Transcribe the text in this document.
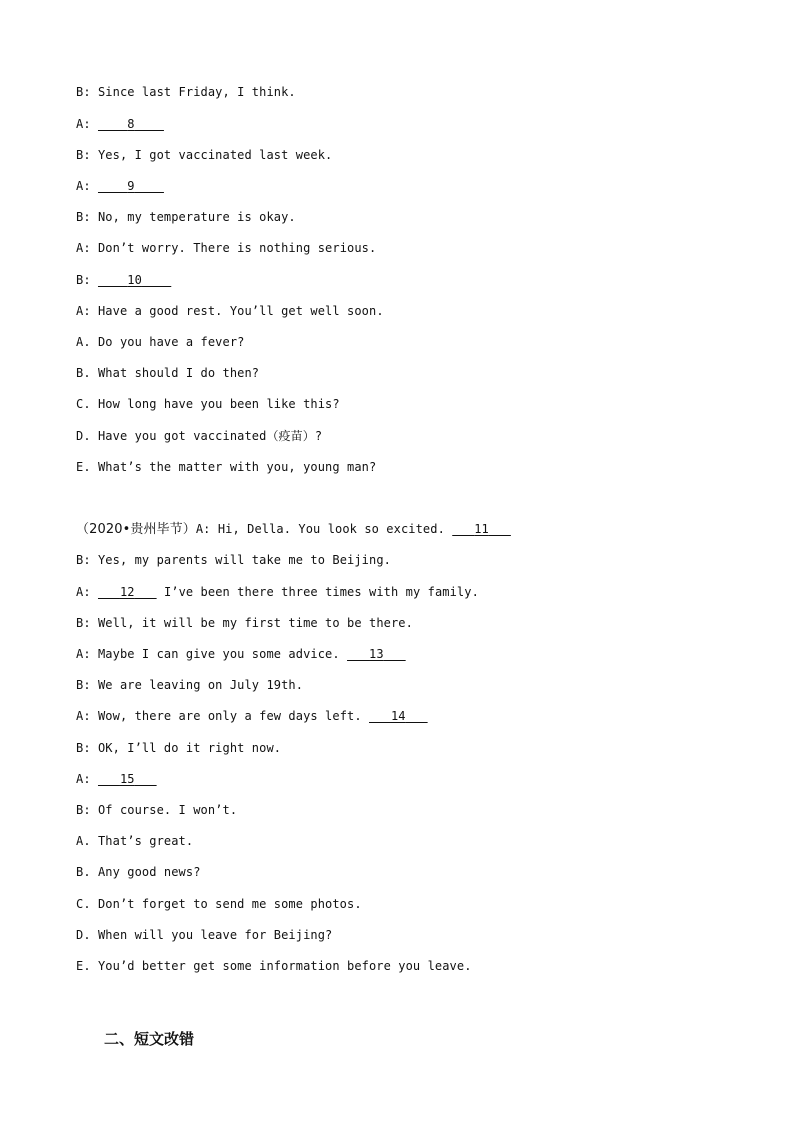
B: Since last Friday, I think.
A:	8
B: Yes, I got vaccinated last week.
A:	9
B: No, my temperature is okay.
A: Don’t worry. There is nothing serious.
B:	10
A: Have a good rest. You’ll get well soon.
A. Do you have a fever?
B. What should I do then?
C. How long have you been like this?
D. Have you got vaccinated（疫苗）?
E. What’s the matter with you, young man?
（2020•贵州毕节）A: Hi, Della. You look so excited.    11
B: Yes, my parents will take me to Beijing.
A: 12 I’ve been there three times with my family.
B: Well, it will be my first time to be there.
A: Maybe I can give you some advice.    13
B: We are leaving on July 19th.
A: Wow, there are only a few days left.    14
B: OK, I’ll do it right now.
A: 15
B: Of course. I won’t.
A. That’s great.
B. Any good news?
C. Don’t forget to send me some photos.
D. When will you leave for Beijing?
E. You’d better get some information before you leave.
二、短文改错
